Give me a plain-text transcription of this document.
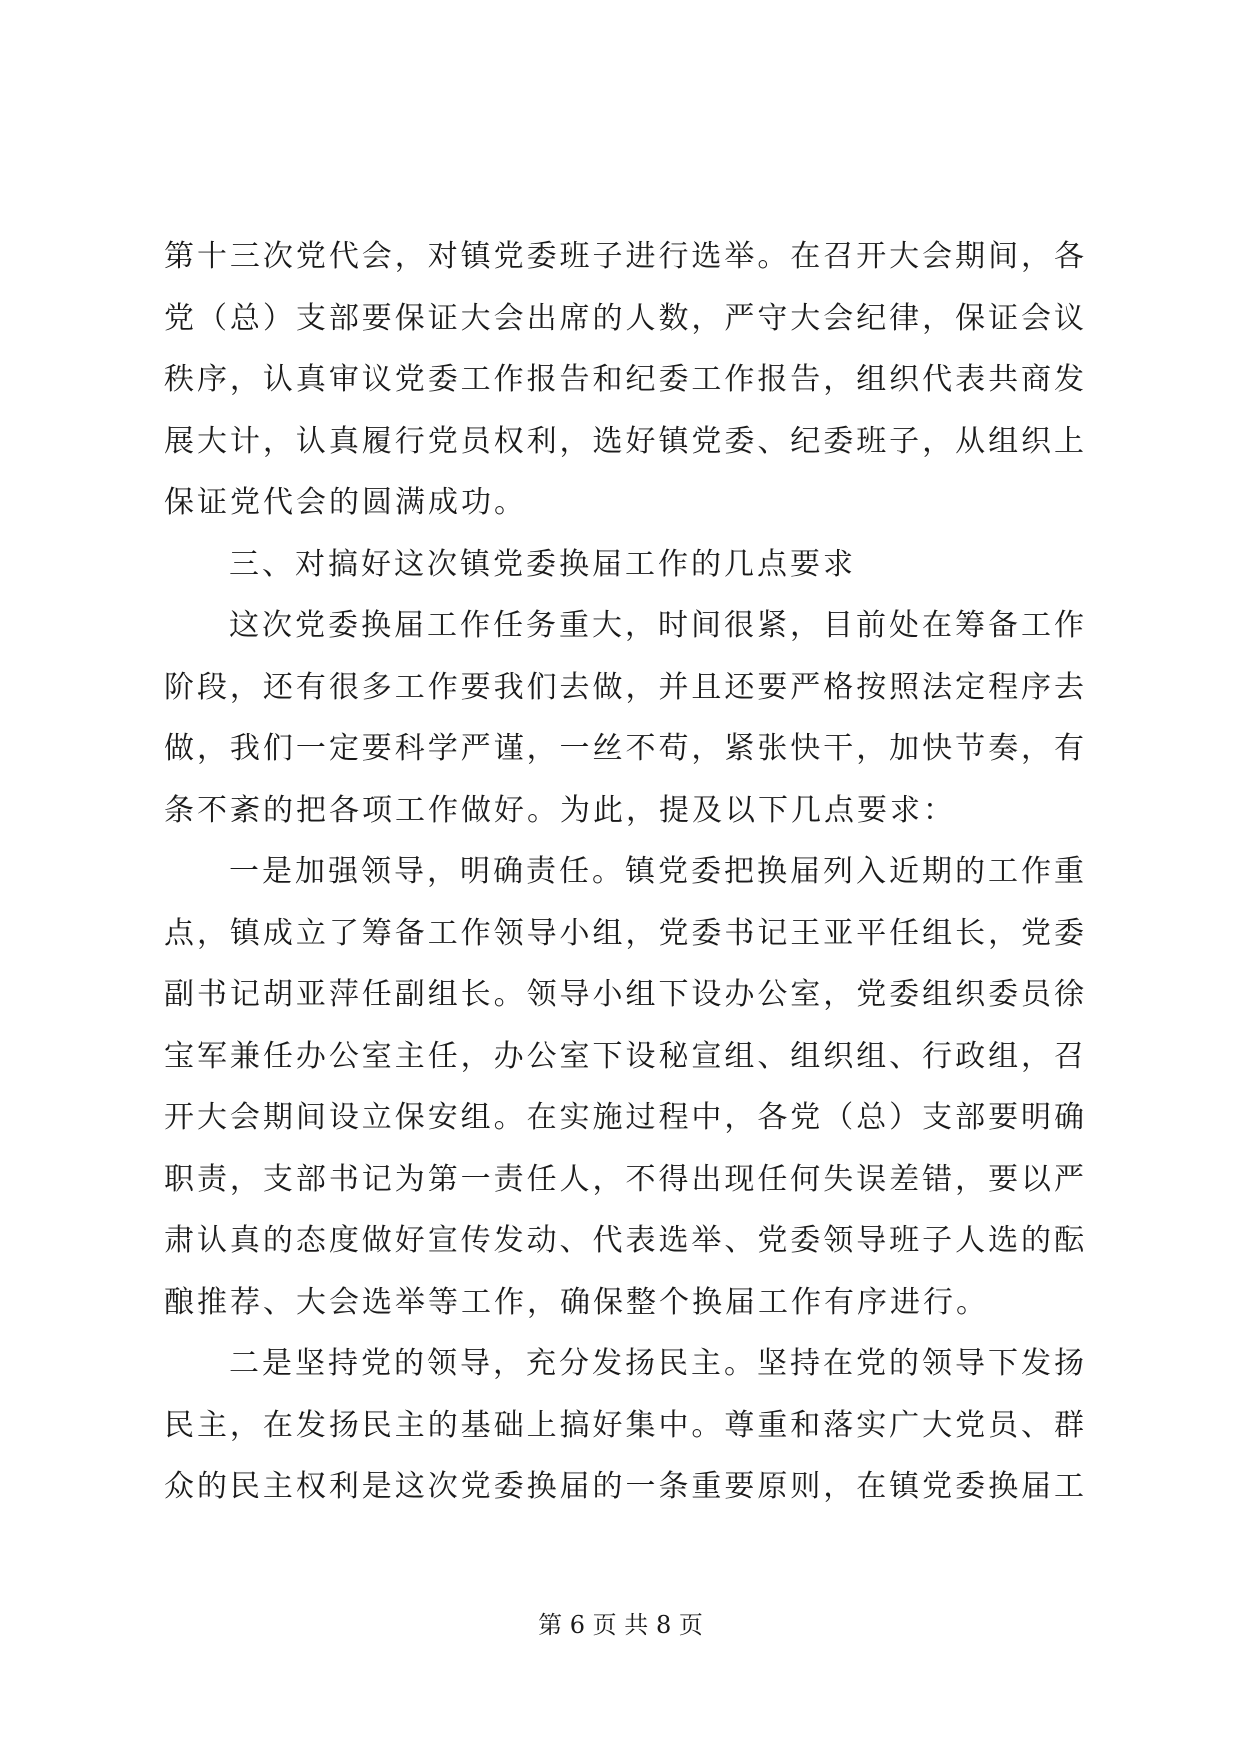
第十三次党代会，对镇党委班子进行选举。在召开大会期间，各
党（总）支部要保证大会出席的人数，严守大会纪律，保证会议
秩序，认真审议党委工作报告和纪委工作报告，组织代表共商发
展大计，认真履行党员权利，选好镇党委、纪委班子，从组织上
保证党代会的圆满成功。
三、对搞好这次镇党委换届工作的几点要求
这次党委换届工作任务重大，时间很紧，目前处在筹备工作
阶段，还有很多工作要我们去做，并且还要严格按照法定程序去
做，我们一定要科学严谨，一丝不苟，紧张快干，加快节奏，有
条不紊的把各项工作做好。为此，提及以下几点要求：
一是加强领导，明确责任。镇党委把换届列入近期的工作重
点，镇成立了筹备工作领导小组，党委书记王亚平任组长，党委
副书记胡亚萍任副组长。领导小组下设办公室，党委组织委员徐
宝军兼任办公室主任，办公室下设秘宣组、组织组、行政组，召
开大会期间设立保安组。在实施过程中，各党（总）支部要明确
职责，支部书记为第一责任人，不得出现任何失误差错，要以严
肃认真的态度做好宣传发动、代表选举、党委领导班子人选的酝
酿推荐、大会选举等工作，确保整个换届工作有序进行。
二是坚持党的领导，充分发扬民主。坚持在党的领导下发扬
民主，在发扬民主的基础上搞好集中。尊重和落实广大党员、群
众的民主权利是这次党委换届的一条重要原则，在镇党委换届工
第 6 页 共 8 页
